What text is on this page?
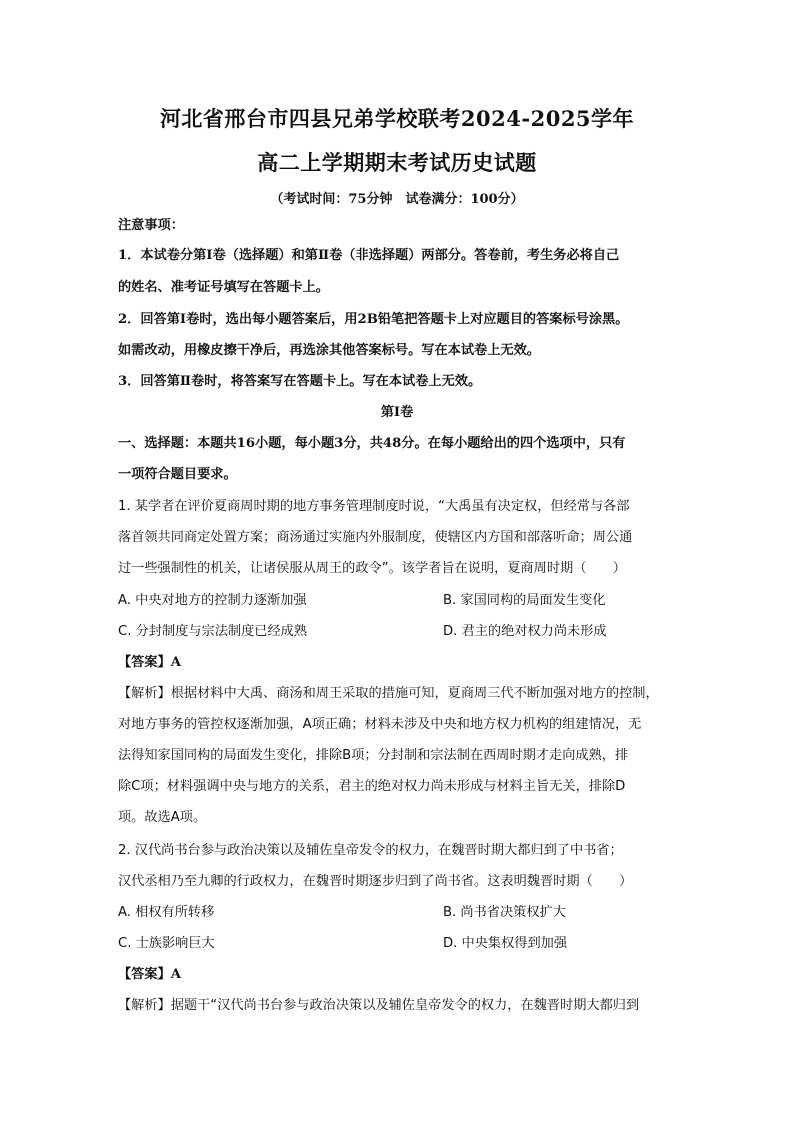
河北省邢台市四县兄弟学校联考2024-2025学年
高二上学期期末考试历史试题
（考试时间：75分钟　试卷满分：100分）
注意事项：
1．本试卷分第Ⅰ卷（选择题）和第Ⅱ卷（非选择题）两部分。答卷前，考生务必将自己
的姓名、准考证号填写在答题卡上。
2．回答第Ⅰ卷时，选出每小题答案后，用2B铅笔把答题卡上对应题目的答案标号涂黑。
如需改动，用橡皮擦干净后，再选涂其他答案标号。写在本试卷上无效。
3．回答第Ⅱ卷时，将答案写在答题卡上。写在本试卷上无效。
第Ⅰ卷
一、选择题：本题共16小题，每小题3分，共48分。在每小题给出的四个选项中，只有
一项符合题目要求。
1. 某学者在评价夏商周时期的地方事务管理制度时说，“大禹虽有决定权，但经常与各部
落首领共同商定处置方案；商汤通过实施内外服制度，使辖区内方国和部落听命；周公通
过一些强制性的机关，让诸侯服从周王的政令”。该学者旨在说明，夏商周时期（　　）
A. 中央对地方的控制力逐渐加强	B. 家国同构的局面发生变化
C. 分封制度与宗法制度已经成熟	D. 君主的绝对权力尚未形成
【答案】A
【解析】根据材料中大禹、商汤和周王采取的措施可知，夏商周三代不断加强对地方的控制，
对地方事务的管控权逐渐加强，A项正确；材料未涉及中央和地方权力机构的组建情况，无
法得知家国同构的局面发生变化，排除B项；分封制和宗法制在西周时期才走向成熟，排
除C项；材料强调中央与地方的关系，君主的绝对权力尚未形成与材料主旨无关，排除D
项。故选A项。
2. 汉代尚书台参与政治决策以及辅佐皇帝发令的权力，在魏晋时期大都归到了中书省；
汉代丞相乃至九卿的行政权力，在魏晋时期逐步归到了尚书省。这表明魏晋时期（　　）
A. 相权有所转移	B. 尚书省决策权扩大
C. 士族影响巨大	D. 中央集权得到加强
【答案】A
【解析】据题干“汉代尚书台参与政治决策以及辅佐皇帝发令的权力，在魏晋时期大都归到
